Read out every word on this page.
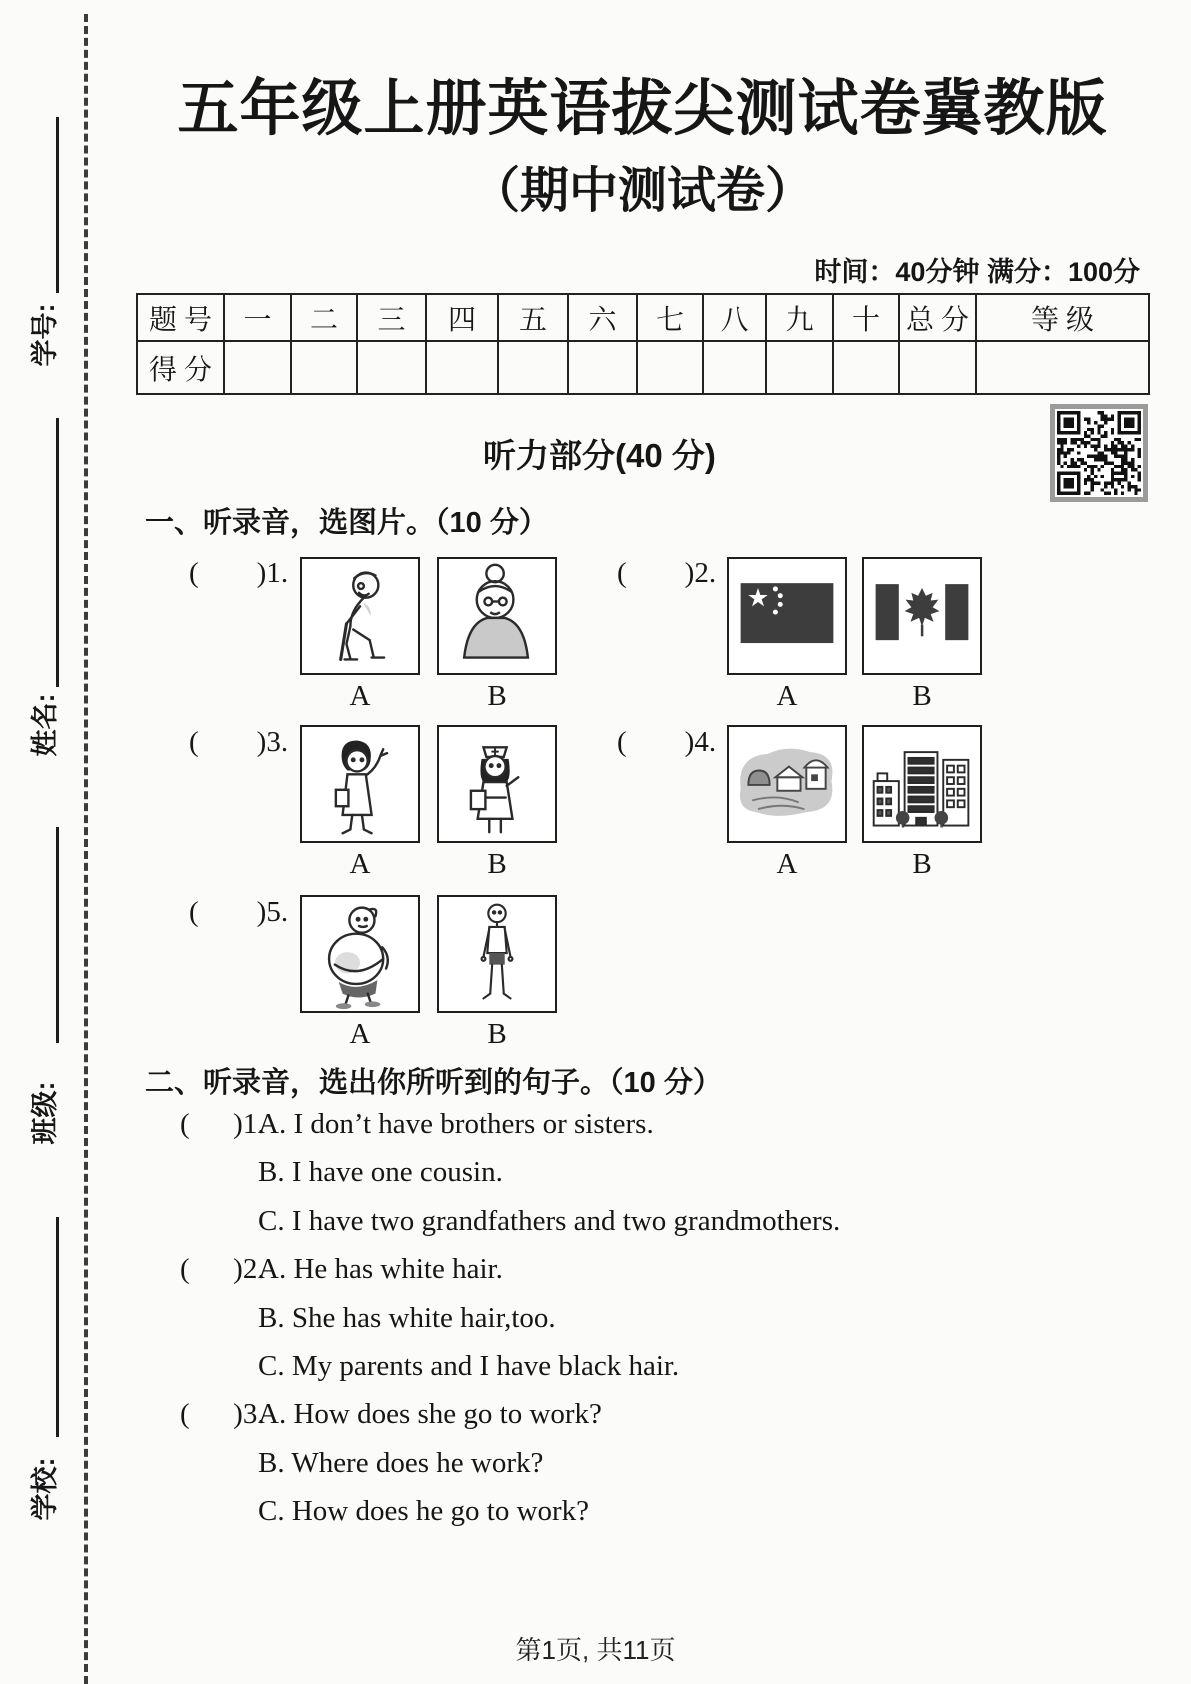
学号:
姓名:
班级:
学校:
五年级上册英语拔尖测试卷冀教版
（期中测试卷）
时间：40分钟 满分：100分
题 号	一	二	三	四	五	六	七	八	九	十	总 分	等 级
得 分												
听力部分(40 分)
一、听录音，选图片。（10 分）
(        )1.
A	B
(        )2.
A	B
(        )3.
A	B
(        )4.
A	B
(        )5.
A	B
二、听录音，选出你所听到的句子。（10 分）
(      )1.A. I don’t have brothers or sisters.
B. I have one cousin.
C. I have two grandfathers and two grandmothers.
(      )2.A. He has white hair.
B. She has white hair,too.
C. My parents and I have black hair.
(      )3.A. How does she go to work?
B. Where does he work?
C. How does he go to work?
第1页, 共11页
